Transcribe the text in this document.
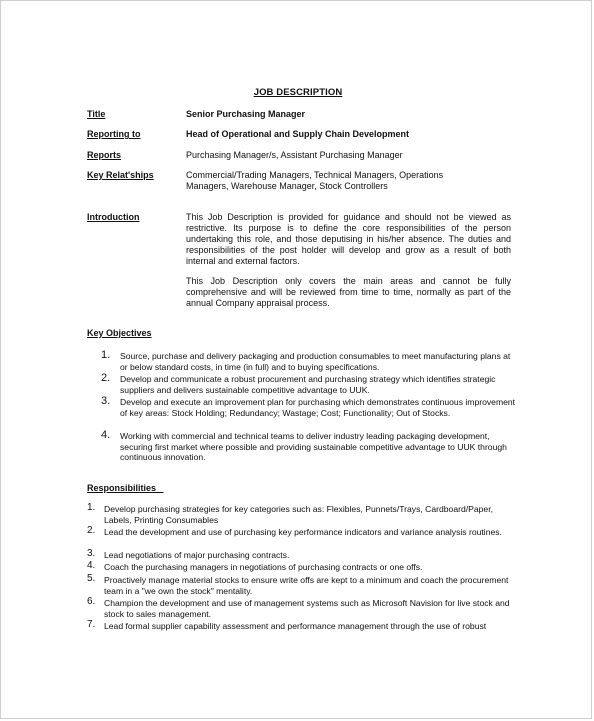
JOB DESCRIPTION
Title	Senior Purchasing Manager
Reporting to	Head of Operational and Supply Chain Development
Reports	Purchasing Manager/s, Assistant Purchasing Manager
Key Relat'ships	Commercial/Trading Managers, Technical Managers, Operations Managers, Warehouse Manager, Stock Controllers
Introduction	This Job Description is provided for guidance and should not be viewed as restrictive. Its purpose is to define the core responsibilities of the person undertaking this role, and those deputising in his/her absence. The duties and responsibilities of the post holder will develop and grow as a result of both internal and external factors.
This Job Description only covers the main areas and cannot be fully comprehensive and will be reviewed from time to time, normally as part of the annual Company appraisal process.
Key Objectives
1. Source, purchase and delivery packaging and production consumables to meet manufacturing plans at or below standard costs, in time (in full) and to buying specifications.
2. Develop and communicate a robust procurement and purchasing strategy which identifies strategic suppliers and delivers sustainable competitive advantage to UUK.
3. Develop and execute an improvement plan for purchasing which demonstrates continuous improvement of key areas: Stock Holding; Redundancy; Wastage; Cost; Functionality; Out of Stocks.
4. Working with commercial and technical teams to deliver industry leading packaging development, securing first market where possible and providing sustainable competitive advantage to UUK through continuous innovation.
Responsibilities
1. Develop purchasing strategies for key categories such as: Flexibles, Punnets/Trays, Cardboard/Paper, Labels, Printing Consumables
2. Lead the development and use of purchasing key performance indicators and variance analysis routines.
3. Lead negotiations of major purchasing contracts.
4. Coach the purchasing managers in negotiations of purchasing contracts or one offs.
5. Proactively manage material stocks to ensure write offs are kept to a minimum and coach the procurement team in a "we own the stock" mentality.
6. Champion the development and use of management systems such as Microsoft Navision for live stock and stock to sales management.
7. Lead formal supplier capability assessment and performance management through the use of robust
